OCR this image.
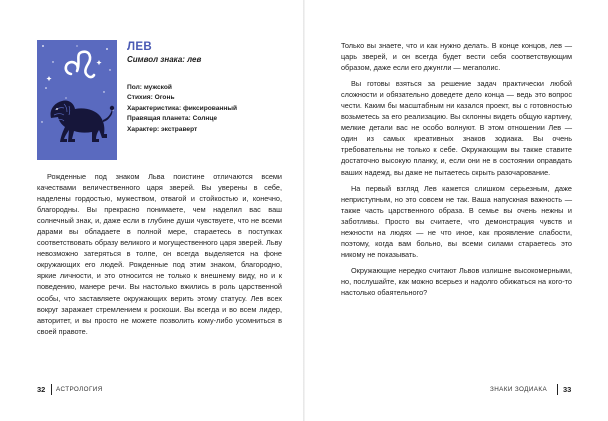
ЛЕВ
Символ знака: лев
Пол: мужской
Стихия: Огонь
Характеристика: фиксированный
Правящая планета: Солнце
Характер: экстраверт

Рожденные под знаком Льва поистине отличаются всеми качествами величественного царя зверей. Вы уверены в себе, наделены гордостью, мужеством, отвагой и стойкостью и, конечно, благородны. Вы прекрасно понимаете, чем наделил вас ваш солнечный знак, и, даже если в глубине души чувствуете, что не всеми дарами вы обладаете в полной мере, стараетесь в поступках соответствовать образу великого и могущественного царя зверей. Льву невозможно затеряться в толпе, он всегда выделяется на фоне окружающих его людей. Рожденные под этим знаком, благородно, яркие личности, и это относится не только к внешнему виду, но и к поведению, манере речи. Вы настолько вжились в роль царственной особы, что заставляете окружающих верить этому статусу. Лев всех вокруг заражает стремлением к роскоши. Вы всегда и во всем лидер, авторитет, и вы просто не можете позволить кому-либо усомниться в своей правоте.

32 АСТРОЛОГИЯ

Только вы знаете, что и как нужно делать. В конце концов, лев — царь зверей, и он всегда будет вести себя соответствующим образом, даже если его джунгли — мегаполис.

Вы готовы взяться за решение задач практически любой сложности и обязательно доведете дело конца — ведь это вопрос чести. Каким бы масштабным ни казался проект, вы с готовностью возьметесь за его реализацию. Вы склонны видеть общую картину, мелкие детали вас не особо волнуют. В этом отношении Лев — один из самых креативных знаков зодиака. Вы очень требовательны не только к себе. Окружающим вы также ставите достаточно высокую планку, и, если они не в состоянии оправдать ваших надежд, вы даже не пытаетесь скрыть разочарование.

На первый взгляд Лев кажется слишком серьезным, даже неприступным, но это совсем не так. Ваша напускная важность — также часть царственного образа. В семье вы очень нежны и заботливы. Просто вы считаете, что демонстрация чувств и нежности на людях — не что иное, как проявление слабости, поэтому, когда вам больно, вы всеми силами стараетесь это никому не показывать.

Окружающие нередко считают Львов излишне высокомерными, но, послушайте, как можно всерьез и надолго обижаться на кого-то настолько обаятельного?

ЗНАКИ ЗОДИАКА 33
